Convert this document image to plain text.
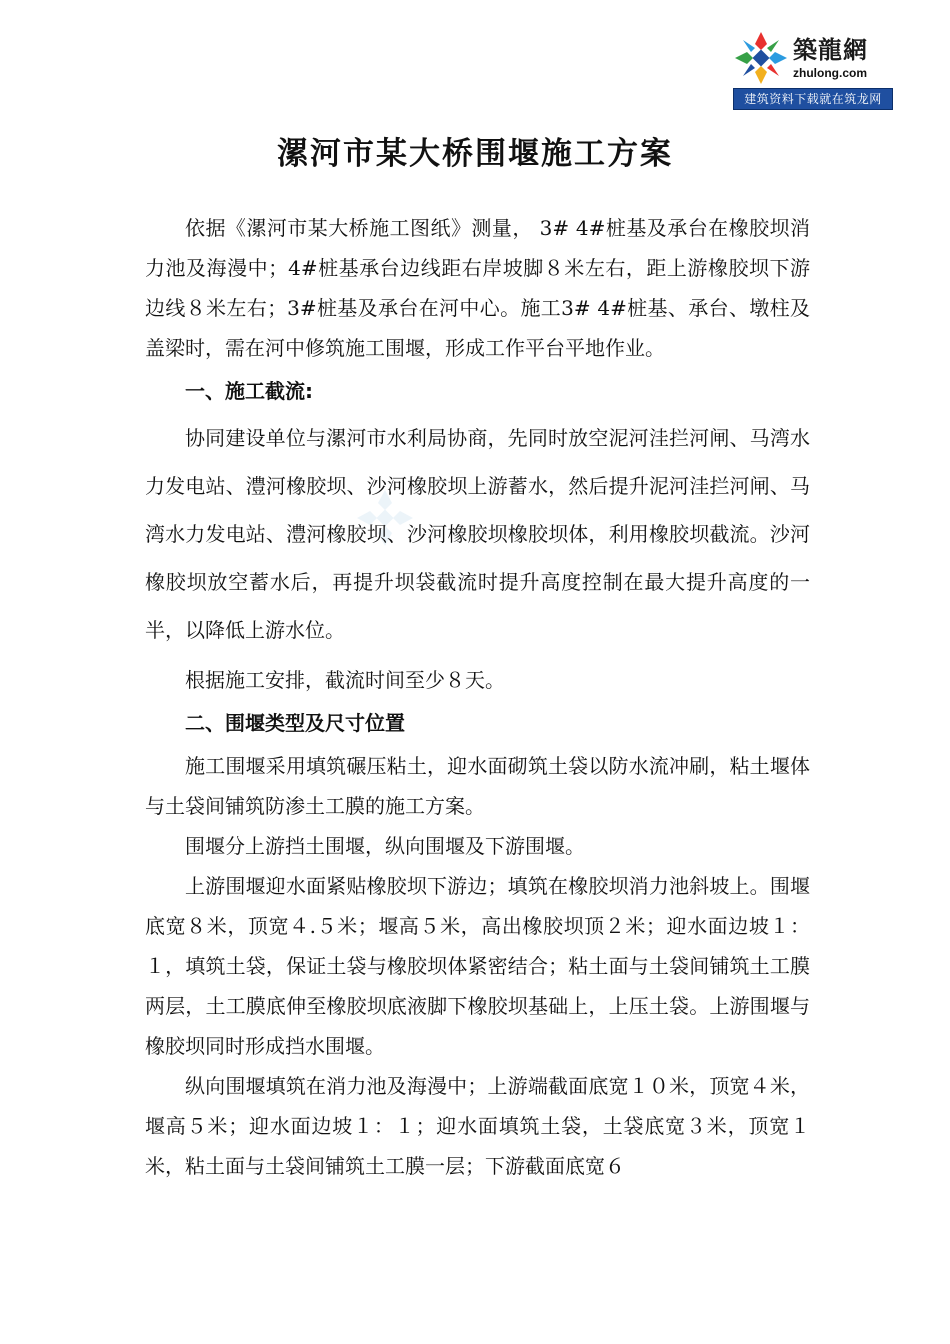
築龍網
zhulong.com
建筑资料下载就在筑龙网
漯河市某大桥围堰施工方案

依据《漯河市某大桥施工图纸》测量， 3# 4#桩基及承台在橡胶坝消力池及海漫中；4#桩基承台边线距右岸坡脚８米左右，距上游橡胶坝下游边线８米左右；3#桩基及承台在河中心。施工3# 4#桩基、承台、墩柱及盖梁时，需在河中修筑施工围堰，形成工作平台平地作业。

一、施工截流:

协同建设单位与漯河市水利局协商，先同时放空泥河洼拦河闸、马湾水力发电站、澧河橡胶坝、沙河橡胶坝上游蓄水，然后提升泥河洼拦河闸、马湾水力发电站、澧河橡胶坝、沙河橡胶坝橡胶坝体，利用橡胶坝截流。沙河橡胶坝放空蓄水后，再提升坝袋截流时提升高度控制在最大提升高度的一半，以降低上游水位。

根据施工安排，截流时间至少８天。

二、围堰类型及尺寸位置

施工围堰采用填筑碾压粘土，迎水面砌筑土袋以防水流冲刷，粘土堰体与土袋间铺筑防渗土工膜的施工方案。

围堰分上游挡土围堰，纵向围堰及下游围堰。

上游围堰迎水面紧贴橡胶坝下游边；填筑在橡胶坝消力池斜坡上。围堰底宽８米，顶宽４.５米；堰高５米，高出橡胶坝顶２米；迎水面边坡１：１，填筑土袋，保证土袋与橡胶坝体紧密结合；粘土面与土袋间铺筑土工膜两层，土工膜底伸至橡胶坝底液脚下橡胶坝基础上，上压土袋。上游围堰与橡胶坝同时形成挡水围堰。

纵向围堰填筑在消力池及海漫中；上游端截面底宽１０米，顶宽４米，堰高５米；迎水面边坡１：１；迎水面填筑土袋，土袋底宽３米，顶宽１米，粘土面与土袋间铺筑土工膜一层；下游截面底宽６
